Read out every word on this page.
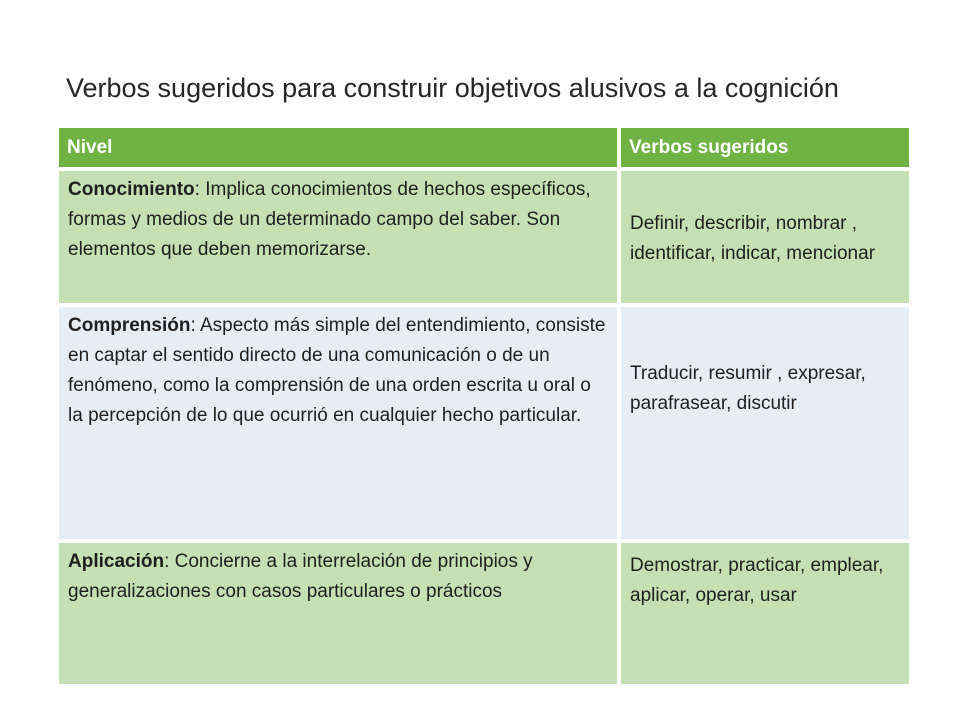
Verbos sugeridos para construir objetivos alusivos a la cognición
Nivel	Verbos sugeridos
Conocimiento: Implica conocimientos de hechos específicos, formas y medios de un determinado campo del saber. Son elementos que deben memorizarse.
Definir, describir, nombrar , identificar, indicar, mencionar
Comprensión: Aspecto más simple del entendimiento, consiste en captar el sentido directo de una comunicación o de un fenómeno, como la comprensión de una orden escrita u oral o la percepción de lo que ocurrió en cualquier hecho particular.
Traducir, resumir , expresar, parafrasear, discutir
Aplicación: Concierne a la interrelación de principios y generalizaciones con casos particulares o prácticos
Demostrar, practicar, emplear, aplicar, operar, usar
